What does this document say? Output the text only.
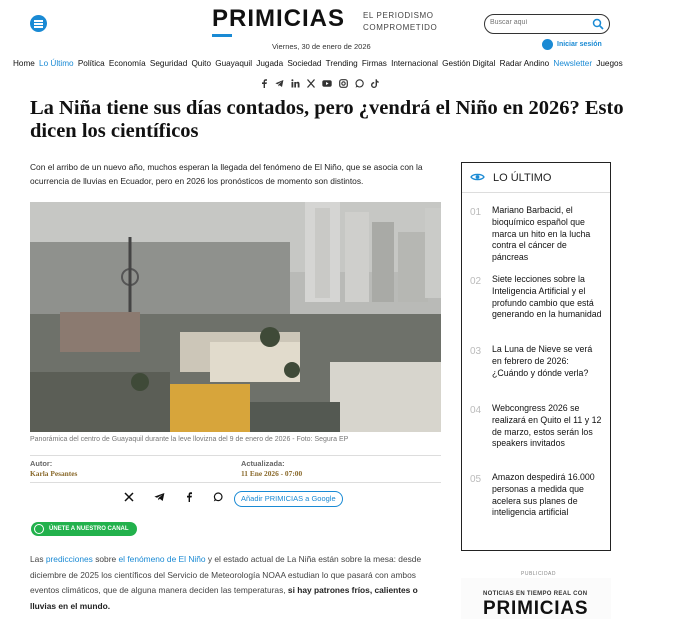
PRIMICIAS EL PERIODISMO
COMPROMETIDO
Buscar aquí
Iniciar sesión
Viernes, 30 de enero de 2026
Home Lo Último Política Economía Seguridad Quito Guayaquil Jugada Sociedad Trending Firmas Internacional Gestión Digital Radar Andino Newsletter Juegos
La Niña tiene sus días contados, pero ¿vendrá el Niño en 2026? Esto dicen los científicos

Con el arribo de un nuevo año, muchos esperan la llegada del fenómeno de El Niño, que se asocia con la ocurrencia de lluvias en Ecuador, pero en 2026 los pronósticos de momento son distintos.

Panorámica del centro de Guayaquil durante la leve llovizna del 9 de enero de 2026 - Foto: Segura EP
Autor:
Karla Pesantes
Actualizada:
11 Ene 2026 - 07:00
Añadir PRIMICIAS a Google
ÚNETE A NUESTRO CANAL

Las predicciones sobre el fenómeno de El Niño y el estado actual de La Niña están sobre la mesa: desde diciembre de 2025 los científicos del Servicio de Meteorología NOAA estudian lo que pasará con ambos eventos climáticos, que de alguna manera deciden las temperaturas, si hay patrones fríos, calientes o lluvias en el mundo.

LO ÚLTIMO
01 Mariano Barbacid, el bioquímico español que marca un hito en la lucha contra el cáncer de páncreas
02 Siete lecciones sobre la Inteligencia Artificial y el profundo cambio que está generando en la humanidad
03 La Luna de Nieve se verá en febrero de 2026: ¿Cuándo y dónde verla?
04 Webcongress 2026 se realizará en Quito el 11 y 12 de marzo, estos serán los speakers invitados
05 Amazon despedirá 16.000 personas a medida que acelera sus planes de inteligencia artificial
PUBLICIDAD
NOTICIAS EN TIEMPO REAL CON
PRIMICIAS
